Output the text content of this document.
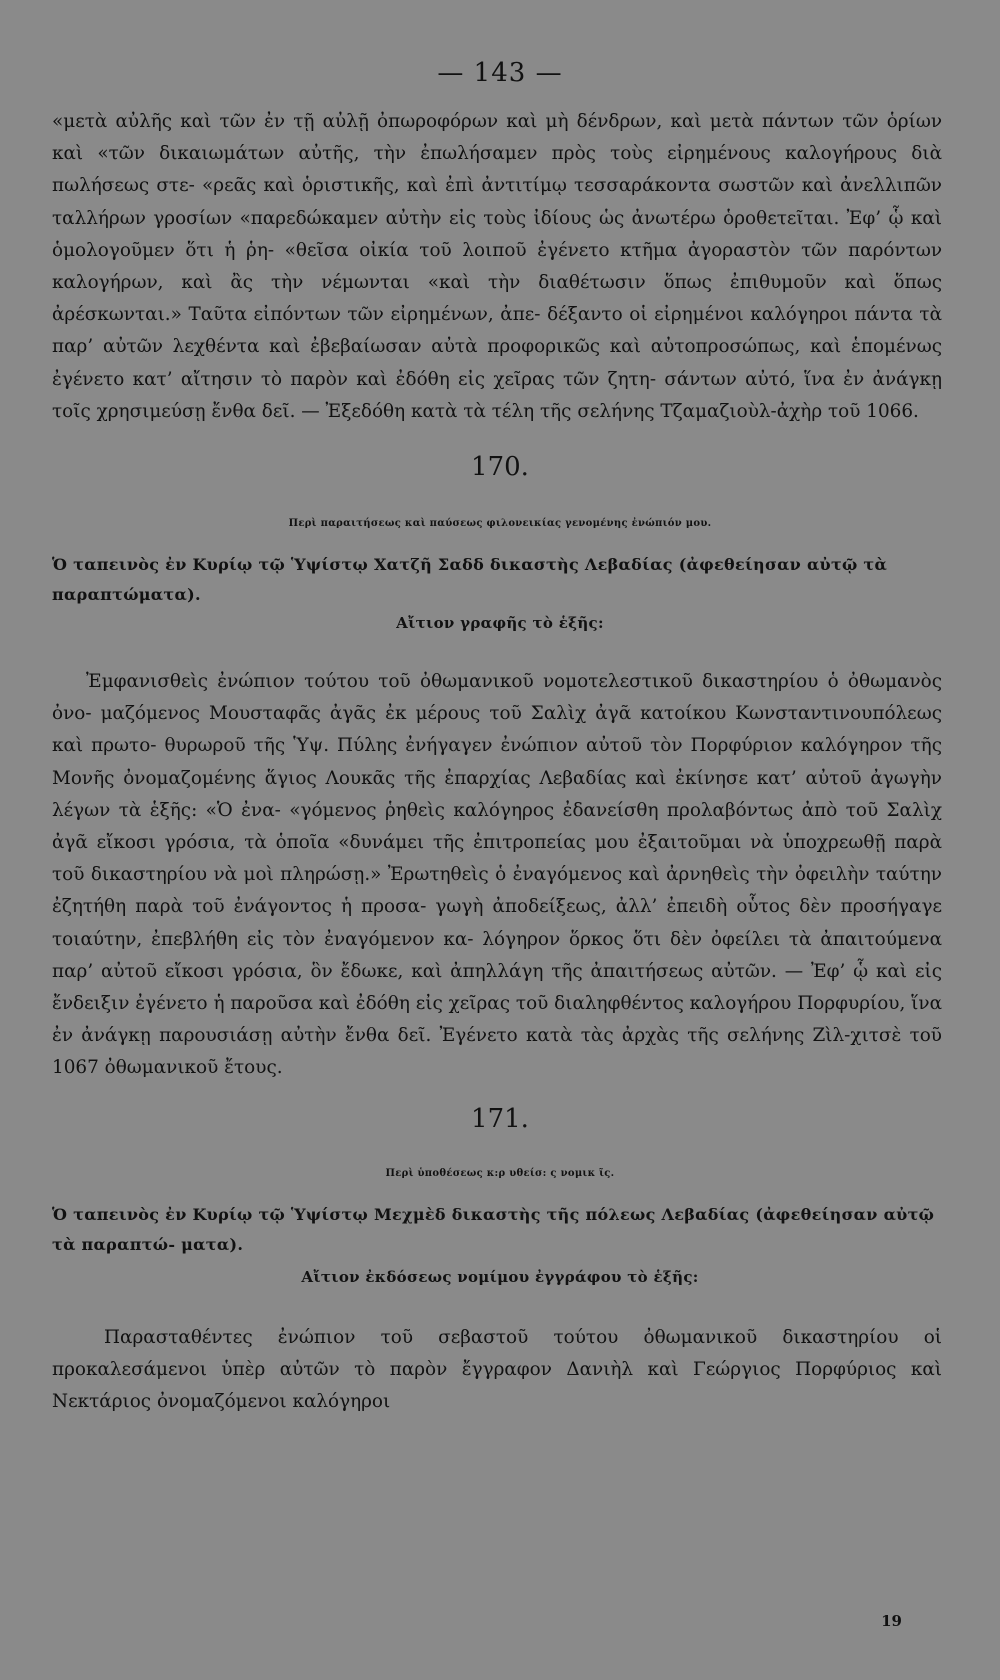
— 143 —

«μετὰ αὐλῆς καὶ τῶν ἐν τῇ αὐλῇ ὀπωροφόρων καὶ μὴ δένδρων, καὶ μετὰ πάντων τῶν ὁρίων καὶ «τῶν δικαιωμάτων αὐτῆς, τὴν ἐπωλήσαμεν πρὸς τοὺς εἰρημένους καλογήρους διὰ πωλήσεως στε- «ρεᾶς καὶ ὁριστικῆς, καὶ ἐπὶ ἀντιτίμῳ τεσσαράκοντα σωστῶν καὶ ἀνελλιπῶν ταλλήρων γροσίων «παρεδώκαμεν αὐτὴν εἰς τοὺς ἰδίους ὡς ἀνωτέρω ὁροθετεῖται. Ἐφ’ ᾧ καὶ ὁμολογοῦμεν ὅτι ἡ ῥη- «θεῖσα οἰκία τοῦ λοιποῦ ἐγένετο κτῆμα ἀγοραστὸν τῶν παρόντων καλογήρων, καὶ ἂς τὴν νέμωνται «καὶ τὴν διαθέτωσιν ὅπως ἐπιθυμοῦν καὶ ὅπως ἀρέσκωνται.» Ταῦτα εἰπόντων τῶν εἰρημένων, ἀπε- δέξαντο οἱ εἰρημένοι καλόγηροι πάντα τὰ παρ’ αὐτῶν λεχθέντα καὶ ἐβεβαίωσαν αὐτὰ προφορικῶς καὶ αὐτοπροσώπως, καὶ ἑπομένως ἐγένετο κατ’ αἴτησιν τὸ παρὸν καὶ ἐδόθη εἰς χεῖρας τῶν ζητη- σάντων αὐτό, ἵνα ἐν ἀνάγκῃ τοῖς χρησιμεύσῃ ἔνθα δεῖ. — Ἐξεδόθη κατὰ τὰ τέλη τῆς σελήνης Τζαμαζιοὺλ-ἀχὴρ τοῦ 1066.

170.
Περὶ παραιτήσεως καὶ παύσεως φιλονεικίας γενομένης ἐνώπιόν μου.

Ὁ ταπεινὸς ἐν Κυρίῳ τῷ Ὑψίστῳ Χατζῆ Σαδδ δικαστὴς Λεβαδίας (ἀφεθείησαν αὐτῷ τὰ παραπτώματα).

Αἴτιον γραφῆς τὸ ἑξῆς:

Ἐμφανισθεὶς ἐνώπιον τούτου τοῦ ὀθωμανικοῦ νομοτελεστικοῦ δικαστηρίου ὁ ὀθωμανὸς ὀνο- μαζόμενος Μουσταφᾶς ἀγᾶς ἐκ μέρους τοῦ Σαλὶχ ἀγᾶ κατοίκου Κωνσταντινουπόλεως καὶ πρωτο- θυρωροῦ τῆς Ὑψ. Πύλης ἐνήγαγεν ἐνώπιον αὐτοῦ τὸν Πορφύριον καλόγηρον τῆς Μονῆς ὀνομαζομένης ἅγιος Λουκᾶς τῆς ἐπαρχίας Λεβαδίας καὶ ἐκίνησε κατ’ αὐτοῦ ἀγωγὴν λέγων τὰ ἑξῆς: «Ὁ ἐνα- «γόμενος ῥηθεὶς καλόγηρος ἐδανείσθη προλαβόντως ἀπὸ τοῦ Σαλὶχ ἀγᾶ εἴκοσι γρόσια, τὰ ὁποῖα «δυνάμει τῆς ἐπιτροπείας μου ἐξαιτοῦμαι νὰ ὑποχρεωθῇ παρὰ τοῦ δικαστηρίου νὰ μοὶ πληρώσῃ.» Ἐρωτηθεὶς ὁ ἐναγόμενος καὶ ἀρνηθεὶς τὴν ὀφειλὴν ταύτην ἐζητήθη παρὰ τοῦ ἐνάγοντος ἡ προσα- γωγὴ ἀποδείξεως, ἀλλ’ ἐπειδὴ οὗτος δὲν προσήγαγε τοιαύτην, ἐπεβλήθη εἰς τὸν ἐναγόμενον κα- λόγηρον ὅρκος ὅτι δὲν ὀφείλει τὰ ἀπαιτούμενα παρ’ αὐτοῦ εἴκοσι γρόσια, ὃν ἔδωκε, καὶ ἀπηλλάγη τῆς ἀπαιτήσεως αὐτῶν. — Ἐφ’ ᾧ καὶ εἰς ἔνδειξιν ἐγένετο ἡ παροῦσα καὶ ἐδόθη εἰς χεῖρας τοῦ διαληφθέντος καλογήρου Πορφυρίου, ἵνα ἐν ἀνάγκῃ παρουσιάσῃ αὐτὴν ἔνθα δεῖ. Ἐγένετο κατὰ τὰς ἀρχὰς τῆς σελήνης Ζὶλ-χιτσὲ τοῦ 1067 ὀθωμανικοῦ ἔτους.

171.
Περὶ ὑποθέσεως κ:ρ υθείσ: ς νομικ ῖς.

Ὁ ταπεινὸς ἐν Κυρίῳ τῷ Ὑψίστῳ Μεχμὲδ δικαστὴς τῆς πόλεως Λεβαδίας (ἀφεθείησαν αὐτῷ τὰ παραπτώ- ματα).

Αἴτιον ἐκδόσεως νομίμου ἐγγράφου τὸ ἑξῆς:

Παρασταθέντες ἐνώπιον τοῦ σεβαστοῦ τούτου ὀθωμανικοῦ δικαστηρίου οἱ προκαλεσάμενοι ὑπὲρ αὐτῶν τὸ παρὸν ἔγγραφον Δανιὴλ καὶ Γεώργιος Πορφύριος καὶ Νεκτάριος ὀνομαζόμενοι καλόγηροι

19
